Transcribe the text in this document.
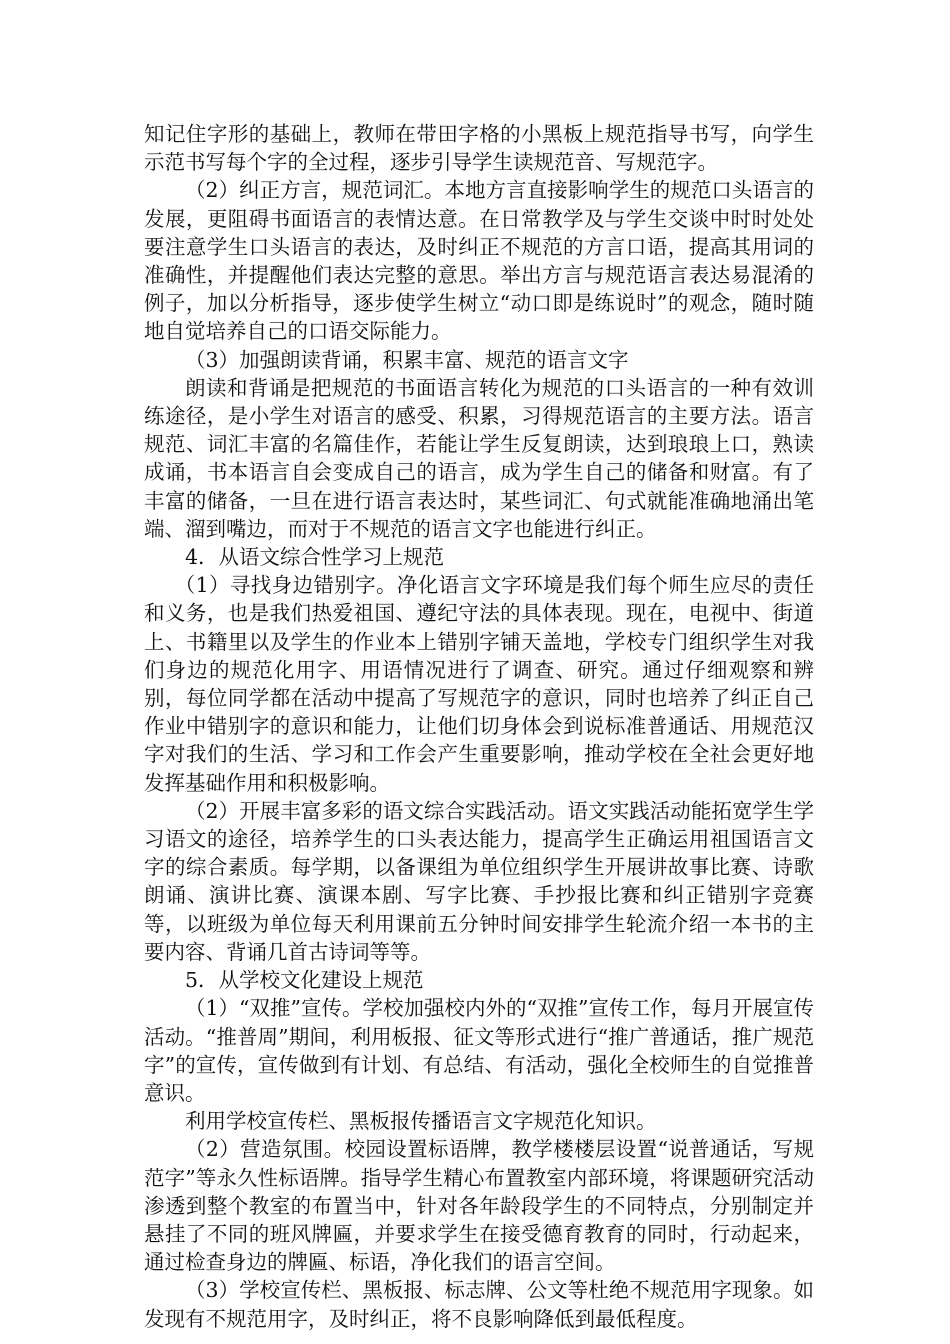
知记住字形的基础上，教师在带田字格的小黑板上规范指导书写，向学生示范书写每个字的全过程，逐步引导学生读规范音、写规范字。

（2）纠正方言，规范词汇。本地方言直接影响学生的规范口头语言的发展，更阻碍书面语言的表情达意。在日常教学及与学生交谈中时时处处要注意学生口头语言的表达，及时纠正不规范的方言口语，提高其用词的准确性，并提醒他们表达完整的意思。举出方言与规范语言表达易混淆的例子，加以分析指导，逐步使学生树立“动口即是练说时”的观念，随时随地自觉培养自己的口语交际能力。

（3）加强朗读背诵，积累丰富、规范的语言文字

朗读和背诵是把规范的书面语言转化为规范的口头语言的一种有效训练途径，是小学生对语言的感受、积累，习得规范语言的主要方法。语言规范、词汇丰富的名篇佳作，若能让学生反复朗读，达到琅琅上口，熟读成诵，书本语言自会变成自己的语言，成为学生自己的储备和财富。有了丰富的储备，一旦在进行语言表达时，某些词汇、句式就能准确地涌出笔端、溜到嘴边，而对于不规范的语言文字也能进行纠正。

4．从语文综合性学习上规范

（1）寻找身边错别字。净化语言文字环境是我们每个师生应尽的责任和义务，也是我们热爱祖国、遵纪守法的具体表现。现在，电视中、街道上、书籍里以及学生的作业本上错别字铺天盖地，学校专门组织学生对我们身边的规范化用字、用语情况进行了调查、研究。通过仔细观察和辨别，每位同学都在活动中提高了写规范字的意识，同时也培养了纠正自己作业中错别字的意识和能力，让他们切身体会到说标准普通话、用规范汉字对我们的生活、学习和工作会产生重要影响，推动学校在全社会更好地发挥基础作用和积极影响。

（2）开展丰富多彩的语文综合实践活动。语文实践活动能拓宽学生学习语文的途径，培养学生的口头表达能力，提高学生正确运用祖国语言文字的综合素质。每学期，以备课组为单位组织学生开展讲故事比赛、诗歌朗诵、演讲比赛、演课本剧、写字比赛、手抄报比赛和纠正错别字竞赛等，以班级为单位每天利用课前五分钟时间安排学生轮流介绍一本书的主要内容、背诵几首古诗词等等。

5．从学校文化建设上规范

（1）“双推”宣传。学校加强校内外的“双推”宣传工作，每月开展宣传活动。“推普周”期间，利用板报、征文等形式进行“推广普通话，推广规范字”的宣传，宣传做到有计划、有总结、有活动，强化全校师生的自觉推普意识。

利用学校宣传栏、黑板报传播语言文字规范化知识。

（2）营造氛围。校园设置标语牌，教学楼楼层设置“说普通话，写规范字”等永久性标语牌。指导学生精心布置教室内部环境，将课题研究活动渗透到整个教室的布置当中，针对各年龄段学生的不同特点，分别制定并悬挂了不同的班风牌匾，并要求学生在接受德育教育的同时，行动起来，通过检查身边的牌匾、标语，净化我们的语言空间。

（3）学校宣传栏、黑板报、标志牌、公文等杜绝不规范用字现象。如发现有不规范用字，及时纠正，将不良影响降低到最低程度。
